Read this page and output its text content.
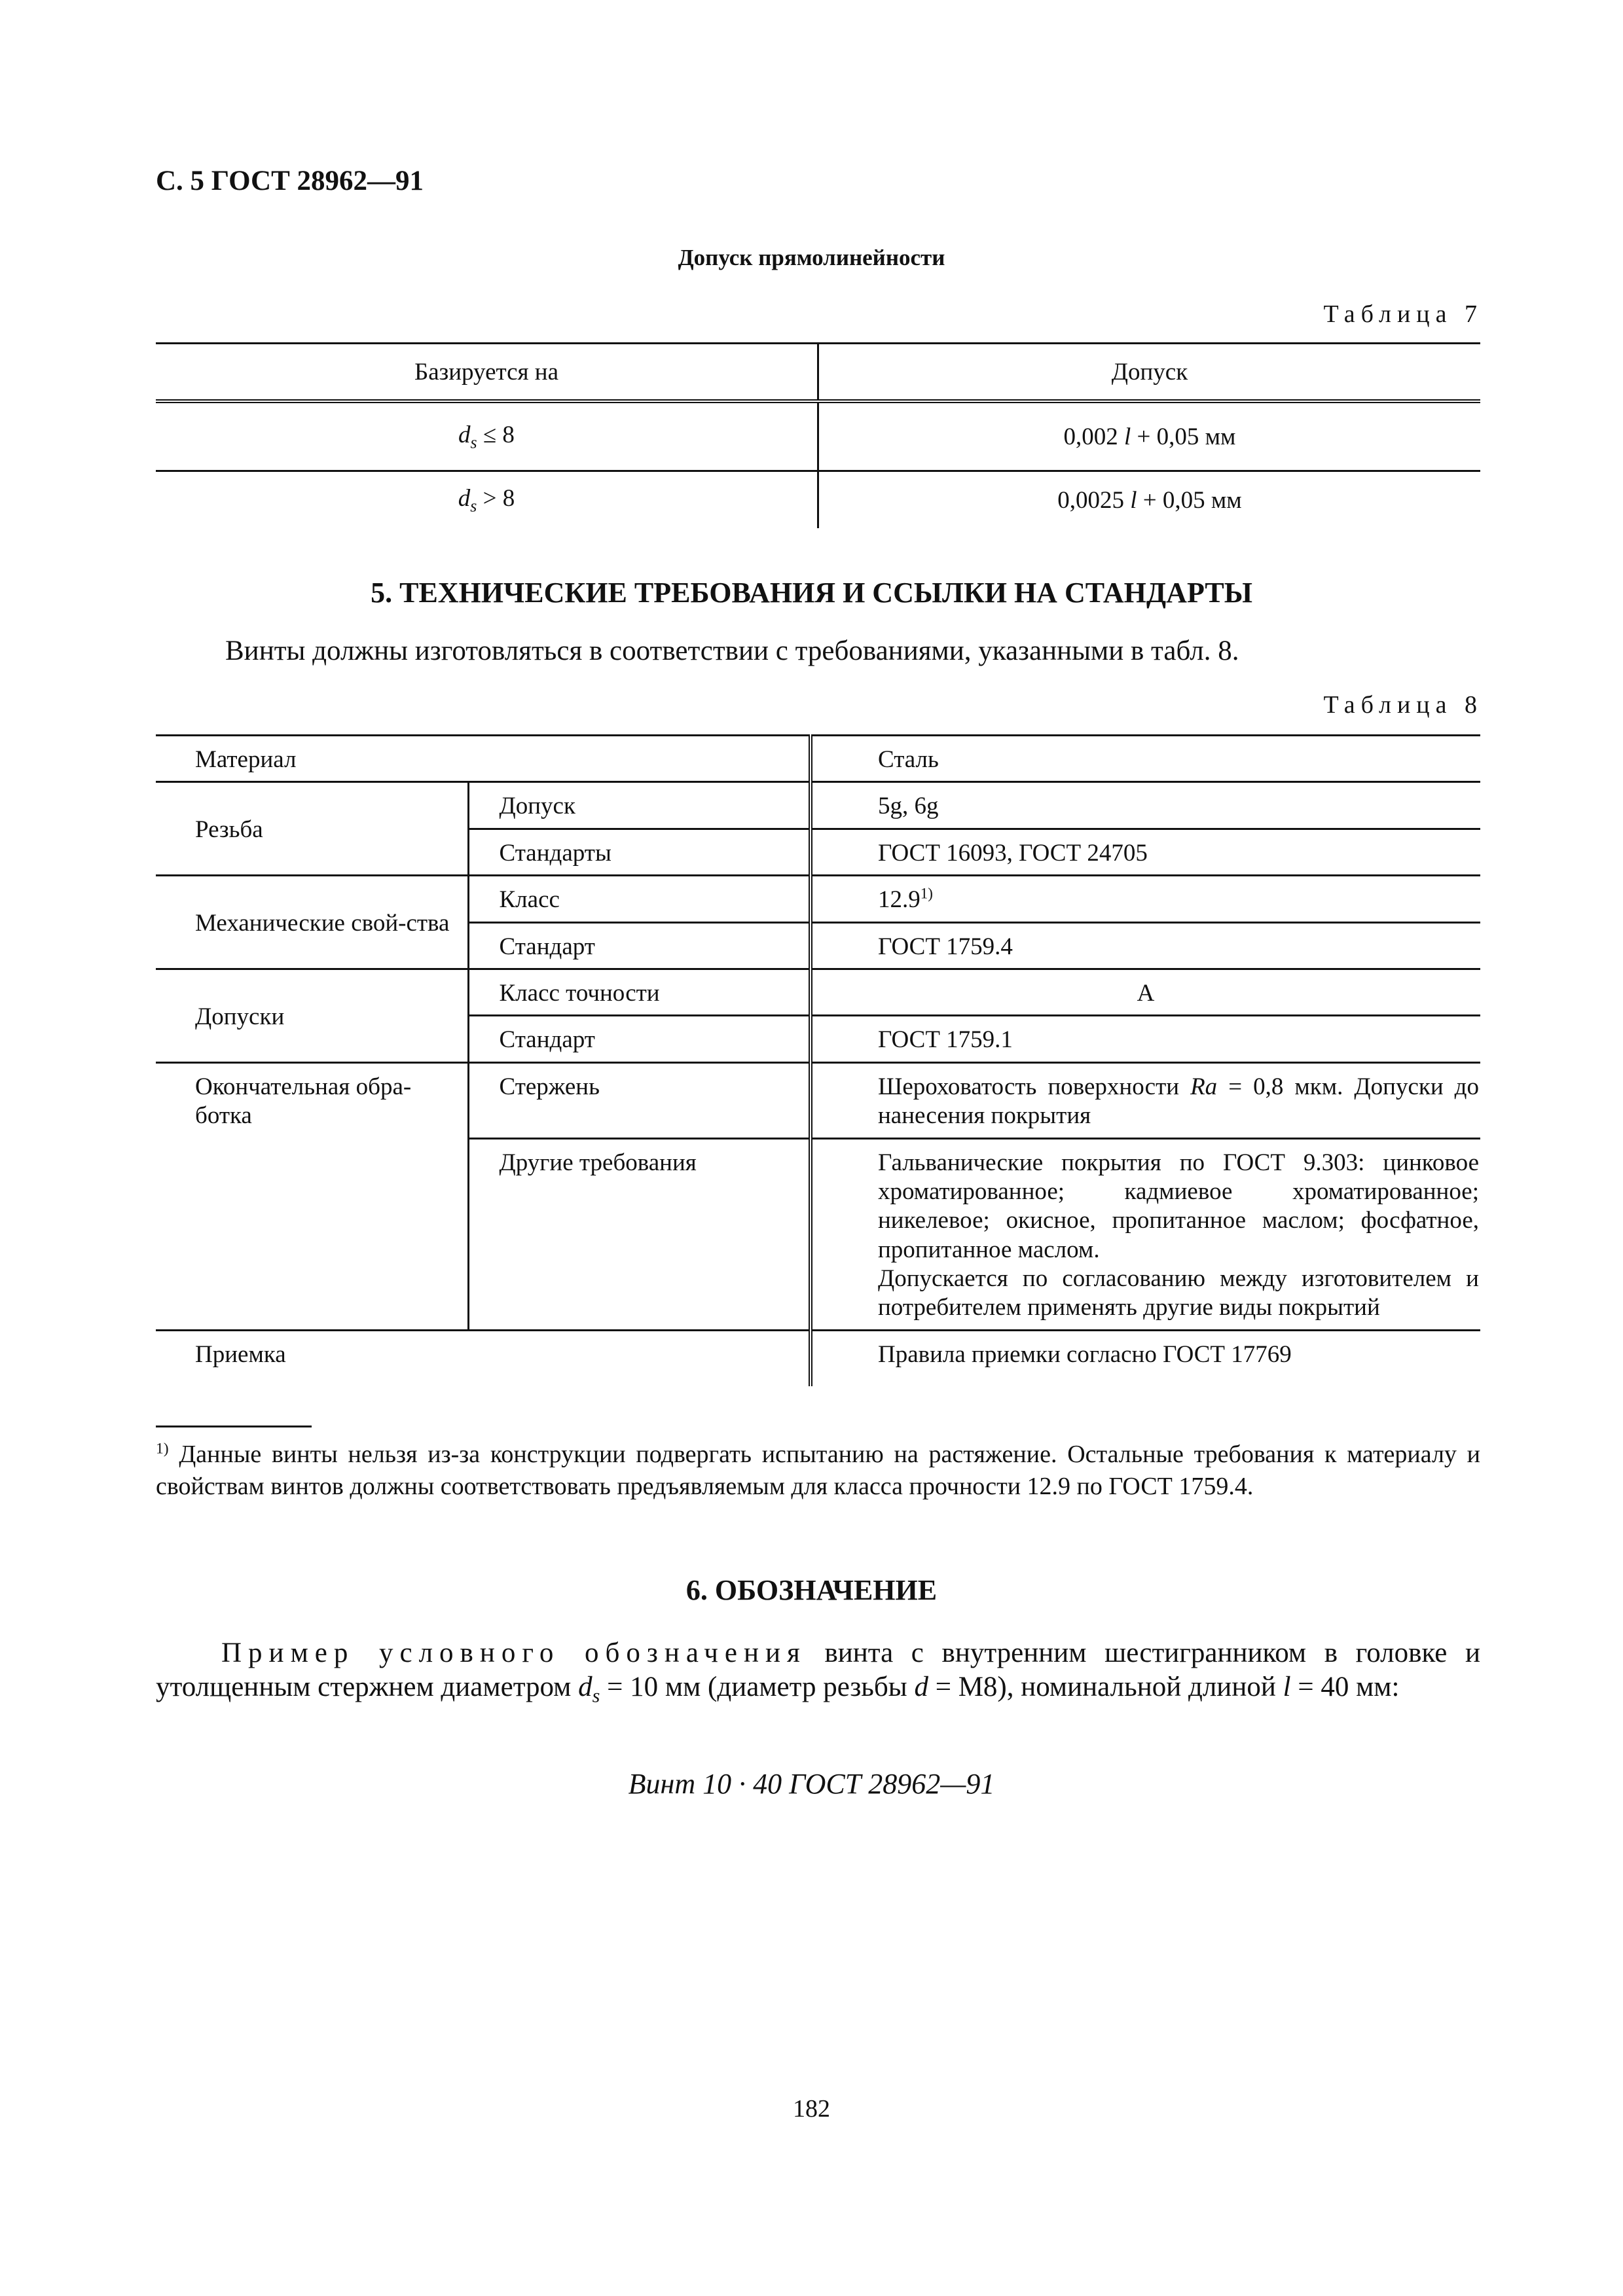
С. 5 ГОСТ 28962—91
Допуск прямолинейности
Таблица 7
Базируется на	Допуск
$d_s \le 8$	0,002 l + 0,05 мм
$d_s > 8$	0,0025 l + 0,05 мм
5. ТЕХНИЧЕСКИЕ ТРЕБОВАНИЯ И ССЫЛКИ НА СТАНДАРТЫ
Винты должны изготовляться в соответствии с требованиями, указанными в табл. 8.
Таблица 8
Материал		Сталь
Резьба	Допуск	5g, 6g
	Стандарты	ГОСТ 16093, ГОСТ 24705
Механические свой-ства	Класс	12.9$^{1)}$
	Стандарт	ГОСТ 1759.4
Допуски	Класс точности	А
	Стандарт	ГОСТ 1759.1
Окончательная обра-ботка	Стержень	Шероховатость поверхности Ra = 0,8 мкм. Допуски до нанесения покрытия
	Другие требования	Гальванические покрытия по ГОСТ 9.303: цинковое хроматированное; кадмиевое хроматированное; никелевое; окисное, пропитанное маслом; фосфатное, пропитанное маслом.
Допускается по согласованию между изготовителем и потребителем применять другие виды покрытий

Приемка		Правила приемки согласно ГОСТ 17769
$^{1)}$ Данные винты нельзя из-за конструкции подвергать испытанию на растяжение. Остальные требования к материалу и свойствам винтов должны соответствовать предъявляемым для класса прочности 12.9 по ГОСТ 1759.4.
6. ОБОЗНАЧЕНИЕ
Пример условного обозначения винта с внутренним шестигранником в головке и утолщенным стержнем диаметром $d_s = 10$ мм (диаметр резьбы d = М8), номинальной длиной l = 40 мм:
Винт 10 · 40 ГОСТ 28962—91
182
